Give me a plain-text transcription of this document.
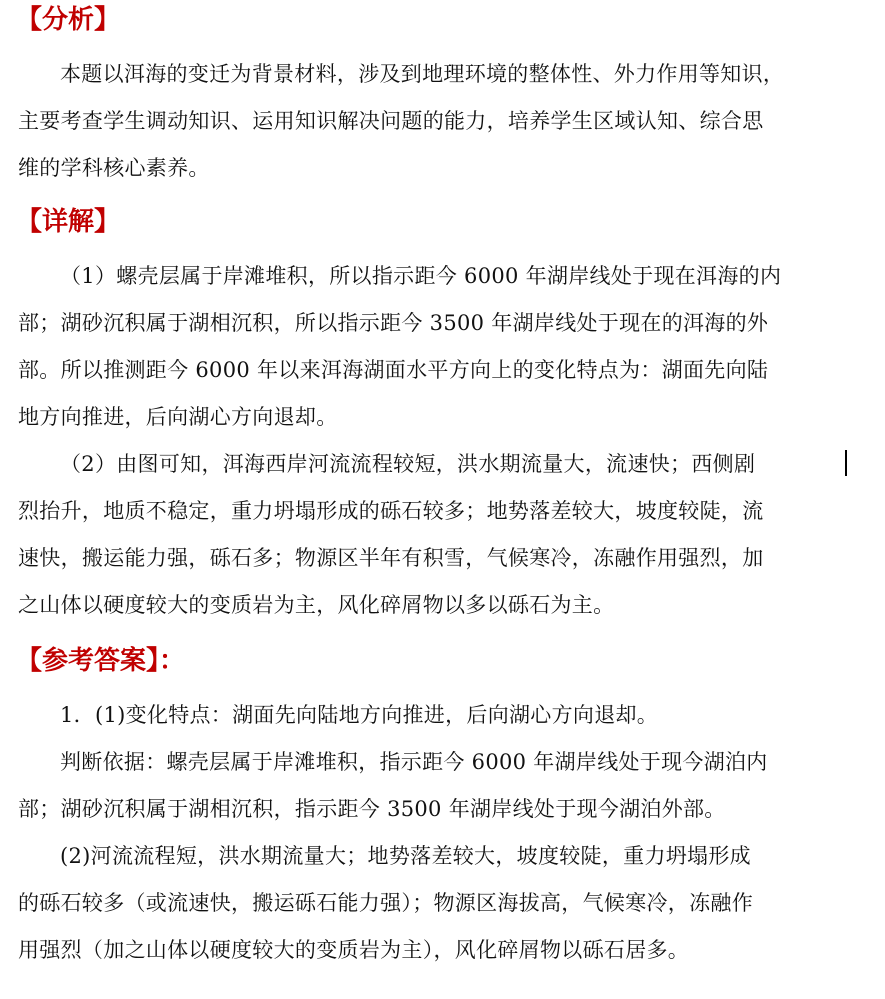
【分析】
本题以洱海的变迁为背景材料，涉及到地理环境的整体性、外力作用等知识，
主要考查学生调动知识、运用知识解决问题的能力，培养学生区域认知、综合思
维的学科核心素养。
【详解】
（1）螺壳层属于岸滩堆积，所以指示距今 6000 年湖岸线处于现在洱海的内
部；湖砂沉积属于湖相沉积，所以指示距今 3500 年湖岸线处于现在的洱海的外
部。所以推测距今 6000 年以来洱海湖面水平方向上的变化特点为：湖面先向陆
地方向推进，后向湖心方向退却。
（2）由图可知，洱海西岸河流流程较短，洪水期流量大，流速快；西侧剧
烈抬升，地质不稳定，重力坍塌形成的砾石较多；地势落差较大，坡度较陡，流
速快，搬运能力强，砾石多；物源区半年有积雪，气候寒冷，冻融作用强烈，加
之山体以硬度较大的变质岩为主，风化碎屑物以多以砾石为主。
【参考答案】：
1．(1)变化特点：湖面先向陆地方向推进，后向湖心方向退却。
判断依据：螺壳层属于岸滩堆积，指示距今 6000 年湖岸线处于现今湖泊内
部；湖砂沉积属于湖相沉积，指示距今 3500 年湖岸线处于现今湖泊外部。
(2)河流流程短，洪水期流量大；地势落差较大，坡度较陡，重力坍塌形成
的砾石较多（或流速快，搬运砾石能力强）；物源区海拔高，气候寒冷，冻融作
用强烈（加之山体以硬度较大的变质岩为主），风化碎屑物以砾石居多。
